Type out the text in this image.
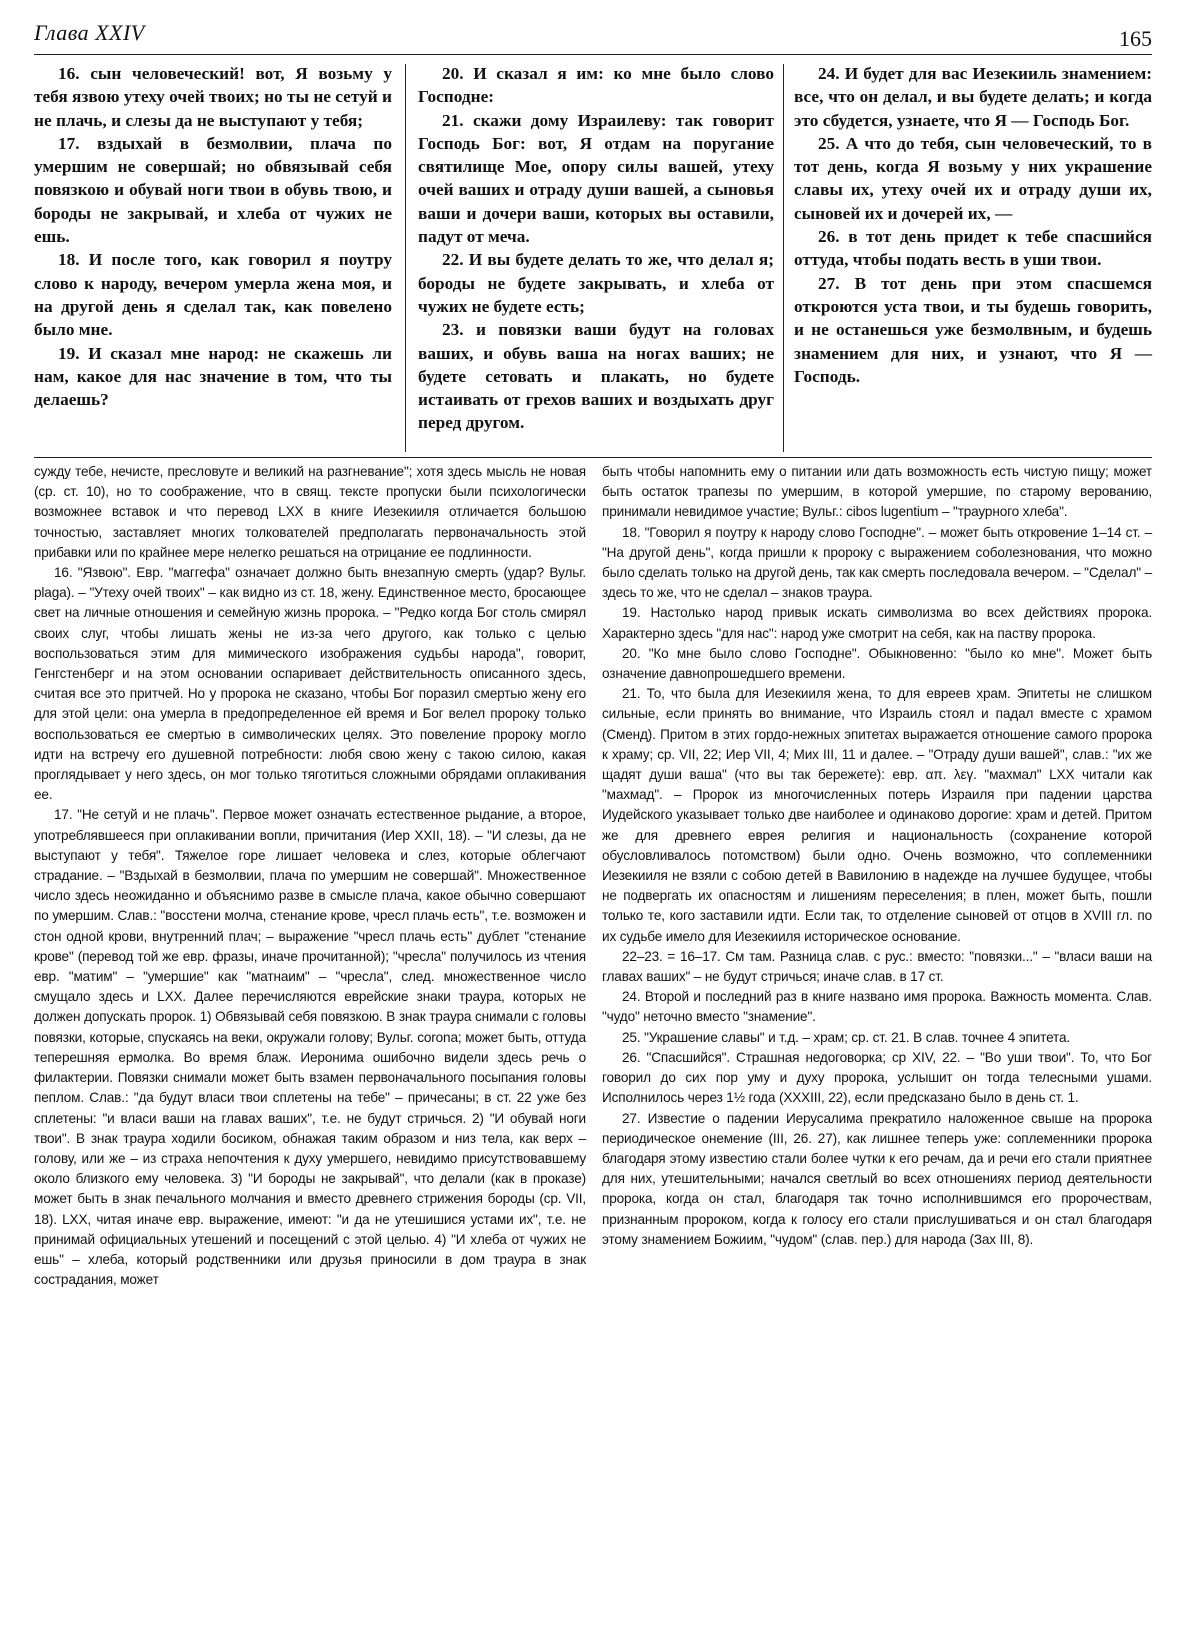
Глава XXIV	165

16. сын человеческий! вот, Я возьму у тебя язвою утеху очей твоих; но ты не сетуй и не плачь, и слезы да не выступают у тебя;

17. вздыхай в безмолвии, плача по умершим не совершай; но обвязывай себя повязкою и обувай ноги твои в обувь твою, и бороды не закрывай, и хлеба от чужих не ешь.

18. И после того, как говорил я поутру слово к народу, вечером умерла жена моя, и на другой день я сделал так, как повелено было мне.

19. И сказал мне народ: не скажешь ли нам, какое для нас значение в том, что ты делаешь?

20. И сказал я им: ко мне было слово Господне:

21. скажи дому Израилеву: так говорит Господь Бог: вот, Я отдам на поругание святилище Мое, опору силы вашей, утеху очей ваших и отраду души вашей, а сыновья ваши и дочери ваши, которых вы оставили, падут от меча.

22. И вы будете делать то же, что делал я; бороды не будете закрывать, и хлеба от чужих не будете есть;

23. и повязки ваши будут на головах ваших, и обувь ваша на ногах ваших; не будете сетовать и плакать, но будете истаивать от грехов ваших и воздыхать друг перед другом.

24. И будет для вас Иезекииль знамением: все, что он делал, и вы будете делать; и когда это сбудется, узнаете, что Я — Господь Бог.

25. А что до тебя, сын человеческий, то в тот день, когда Я возьму у них украшение славы их, утеху очей их и отраду души их, сыновей их и дочерей их, —

26. в тот день придет к тебе спасшийся оттуда, чтобы подать весть в уши твои.

27. В тот день при этом спасшемся откроются уста твои, и ты будешь говорить, и не останешься уже безмолвным, и будешь знамением для них, и узнают, что Я — Господь.

сужду тебе, нечисте, пресловуте и великий на разгневание"; хотя здесь мысль не новая (ср. ст. 10), но то соображение, что в свящ. тексте пропуски были психологически возможнее вставок и что перевод LXX в книге Иезекииля отличается большою точностью, заставляет многих толкователей предполагать первоначальность этой прибавки или по крайнее мере нелегко решаться на отрицание ее подлинности.

16. "Язвою". Евр. "маггефа" означает должно быть внезапную смерть (удар? Вульг. plaga). – "Утеху очей твоих" – как видно из ст. 18, жену. Единственное место, бросающее свет на личные отношения и семейную жизнь пророка. – "Редко когда Бог столь смирял своих слуг, чтобы лишать жены не из-за чего другого, как только с целью воспользоваться этим для мимического изображения судьбы народа", говорит, Генгстенберг и на этом основании оспаривает действительность описанного здесь, считая все это притчей. Но у пророка не сказано, чтобы Бог поразил смертью жену его для этой цели: она умерла в предопределенное ей время и Бог велел пророку только воспользоваться ее смертью в символических целях. Это повеление пророку могло идти на встречу его душевной потребности: любя свою жену с такою силою, какая проглядывает у него здесь, он мог только тяготиться сложными обрядами оплакивания ее.

17. "Не сетуй и не плачь". Первое может означать естественное рыдание, а второе, употреблявшееся при оплакивании вопли, причитания (Иер XXII, 18). – "И слезы, да не выступают у тебя". Тяжелое горе лишает человека и слез, которые облегчают страдание. – "Вздыхай в безмолвии, плача по умершим не совершай". Множественное число здесь неожиданно и объяснимо разве в смысле плача, какое обычно совершают по умершим. Слав.: "восстени молча, стенание крове, чресл плачь есть", т.е. возможен и стон одной крови, внутренний плач; – выражение "чресл плачь есть" дублет "стенание крове" (перевод той же евр. фразы, иначе прочитанной); "чресла" получилось из чтения евр. "матим" – "умершие" как "матнаим" – "чресла", след. множественное число смущало здесь и LXX. Далее перечисляются еврейские знаки траура, которых не должен допускать пророк. 1) Обвязывай себя повязкою. В знак траура снимали с головы повязки, которые, спускаясь на веки, окружали голову; Вульг. corona; может быть, оттуда теперешняя ермолка. Во время блаж. Иеронима ошибочно видели здесь речь о филактерии. Повязки снимали может быть взамен первоначального посыпания головы пеплом. Слав.: "да будут власи твои сплетены на тебе" – причесаны; в ст. 22 уже без сплетены: "и власи ваши на главах ваших", т.е. не будут стричься. 2) "И обувай ноги твои". В знак траура ходили босиком, обнажая таким образом и низ тела, как верх – голову, или же – из страха непочтения к духу умершего, невидимо присутствовавшему около близкого ему человека. 3) "И бороды не закрывай", что делали (как в проказе) может быть в знак печального молчания и вместо древнего стрижения бороды (ср. VII, 18). LXX, читая иначе евр. выражение, имеют: "и да не утешишися устами их", т.е. не принимай официальных утешений и посещений с этой целью. 4) "И хлеба от чужих не ешь" – хлеба, который родственники или друзья приносили в дом траура в знак сострадания, может

быть чтобы напомнить ему о питании или дать возможность есть чистую пищу; может быть остаток трапезы по умершим, в которой умершие, по старому верованию, принимали невидимое участие; Вульг.: cibos lugentium – "траурного хлеба".

18. "Говорил я поутру к народу слово Господне". – может быть откровение 1–14 ст. – "На другой день", когда пришли к пророку с выражением соболезнования, что можно было сделать только на другой день, так как смерть последовала вечером. – "Сделал" – здесь то же, что не сделал – знаков траура.

19. Настолько народ привык искать символизма во всех действиях пророка. Характерно здесь "для нас": народ уже смотрит на себя, как на паству пророка.

20. "Ко мне было слово Господне". Обыкновенно: "было ко мне". Может быть означение давнопрошедшего времени.

21. То, что была для Иезекииля жена, то для евреев храм. Эпитеты не слишком сильные, если принять во внимание, что Израиль стоял и падал вместе с храмом (Сменд). Притом в этих гордо-нежных эпитетах выражается отношение самого пророка к храму; ср. VII, 22; Иер VII, 4; Мих III, 11 и далее. – "Отраду души вашей", слав.: "их же щадят души ваша" (что вы так бережете): евр. απ. λεγ. "махмал" LXX читали как "махмад". – Пророк из многочисленных потерь Израиля при падении царства Иудейского указывает только две наиболее и одинаково дорогие: храм и детей. Притом же для древнего еврея религия и национальность (сохранение которой обусловливалось потомством) были одно. Очень возможно, что соплеменники Иезекииля не взяли с собою детей в Вавилонию в надежде на лучшее будущее, чтобы не подвергать их опасностям и лишениям переселения; в плен, может быть, пошли только те, кого заставили идти. Если так, то отделение сыновей от отцов в XVIII гл. по их судьбе имело для Иезекииля историческое основание.

22–23. = 16–17. См там. Разница слав. с рус.: вместо: "повязки..." – "власи ваши на главах ваших" – не будут стричься; иначе слав. в 17 ст.

24. Второй и последний раз в книге названо имя пророка. Важность момента. Слав. "чудо" неточно вместо "знамение".

25. "Украшение славы" и т.д. – храм; ср. ст. 21. В слав. точнее 4 эпитета.

26. "Спасшийся". Страшная недоговорка; ср XIV, 22. – "Во уши твои". То, что Бог говорил до сих пор уму и духу пророка, услышит он тогда телесными ушами. Исполнилось через 1½ года (XXXIII, 22), если предсказано было в день ст. 1.

27. Известие о падении Иерусалима прекратило наложенное свыше на пророка периодическое онемение (III, 26. 27), как лишнее теперь уже: соплеменники пророка благодаря этому известию стали более чутки к его речам, да и речи его стали приятнее для них, утешительными; начался светлый во всех отношениях период деятельности пророка, когда он стал, благодаря так точно исполнившимся его пророчествам, признанным пророком, когда к голосу его стали прислушиваться и он стал благодаря этому знамением Божиим, "чудом" (слав. пер.) для народа (Зах III, 8).
